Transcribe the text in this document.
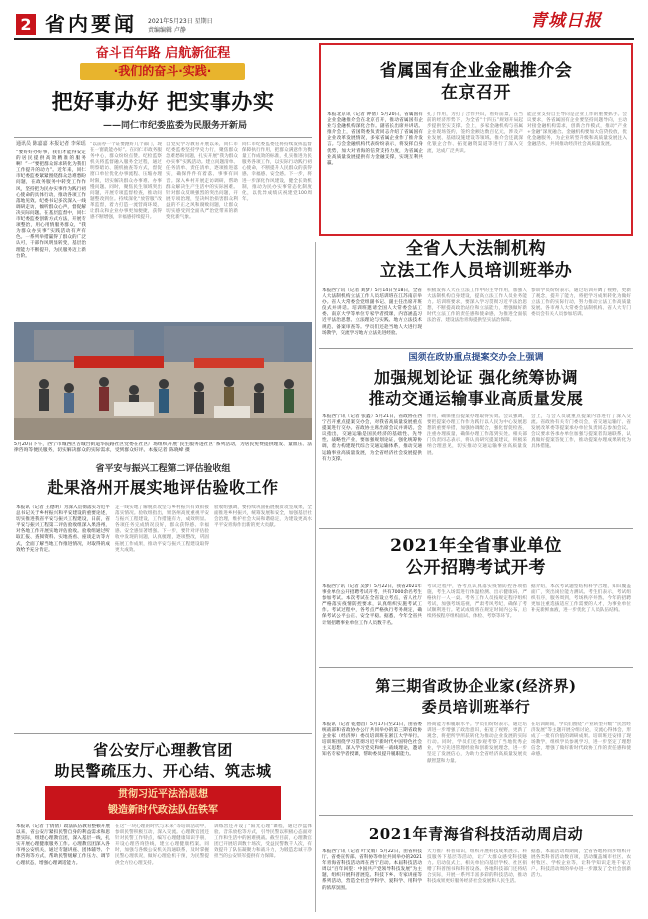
2 省内要闻 2021年5月23日 星期日
责编编辑 卢静	青城日报
奋斗百年路 启航新征程
·我们的奋斗·实践·
把好事办好 把实事办实
——同仁市纪委监委为民服务开新局
通讯员 陈嘉嘉 本报记者 李荣瑶
“要好好办好事，我们才能得安定的居民提供高效精准的服务啊！”一“要把群众诉求转化为我们工作提升的动力”。近年来，同仁市纪委监委紧紧围绕群众急难愁盼问题，在政务服务中转变工作作风，坚持把为民办实事作为践行初心使命的具体行动，推动各项工作落地见效。纪委书记多次深入一线调研走访，倾听群众心声，督促解决实际问题。在基层监督中，同仁市纪委监委创新方式方法，开展专项整治，用心用情服务群众，“我为群众办实事”实践活动有声有色。一系列举措赢得了群众的广泛认可，干部作风明显转变，基层治理能力不断提升，为民服务迈上新台阶。
“以前办一个证要跑好几个部门，现在一窗就能办好”。在同仁市政务服务中心，群众纷纷点赞。纪检监察机关将监督融入服务全过程，通过明察暗访、随机抽查等方式，督促窗口单位优化办事流程、压缩办理时限，切实解决群众办事难、办事慢问题。同时，聚焦民生领域突出问题，开展专项监督检查，推动问题整改到位。持续深化“放管服”改革监督，着力打造一流营商环境，让群众和企业办事更加便捷，获得感不断增强，幸福感持续提升。
自党史学习教育开展以来，同仁市纪委监委坚持学史力行，聚焦群众急难愁盼问题，扎实开展“我为群众办实事”实践活动。建立问题清单、任务清单、责任清单，逐项推进落实，确保件件有着落、事事有回音。深入乡村开展走访调研，帮助群众解决生产生活中的实际困难。针对群众反映强烈的突出问题，开展专项治理，坚决纠治损害群众利益的不正之风和腐败问题，让群众切实感受到全面从严治党带来的新变化新气象。
同仁市纪委监委还将持续发挥监督保障执行作用，把群众满意作为衡量工作成效的标准，扎实推进为民服务各项工作，以实际行动践行初心使命，不断提升人民群众的获得感、幸福感、安全感。下一步，将进一步深化作风建设，健全长效机制，推动为民办实事常态化制度化，以优异成绩庆祝建党100周年。
省属国有企业金融推介会
在京召开
本报北京讯（记者 钟倩）5月20日，省属国有企业金融推介会在北京召开，推动省属国有企业与金融机构深化合作。副省长出席并讲话。推介会上，省国资委负责同志介绍了省属国有企业改革发展情况，多家省属企业作了推介发言。与会金融机构代表纷纷表示，将发挥自身优势，加大对青海的信贷支持力度，为省属企业高质量发展提供有力金融支撑，实现互利共赢。
扎了作用，为打了合作共识，看好前景，在当前的经济形势下，为全省“十四五”规划开局起步提供坚实支撑。会上，多家金融机构与省属企业现场签约，签约金额达数百亿元，涉及产业发展、基础设施建设等领域。推介会还就深化银企合作、拓宽融资渠道等进行了深入交流，达成广泛共识。
能企业支持自主导向是企业工作的重要抓手。会议要求，各省属国有企业要坚持问题导向，主动对接金融机构需求，创新合作模式，推动“产业+金融”深度融合。金融机构要加大信贷投放，优化金融服务，为企业转型升级和高质量发展注入金融活水，共同推动经济社会高质量发展。
全省人大法制机构
立法工作人员培训班举办
本报西宁讯（记者 刘梦）5月14日至18日，全省人大法制机构立法工作人员培训班在江苏南京举办。省人大常委会党组副书记、副主任出席开班仪式并讲话。培训班邀请全国人大常委会法工委、南京大学等单位专家学者授课，内容涵盖习近平法治思想、立法理论与实践、地方立法技术规范、备案审查等。学员们还赴当地人大进行现场教学，交流学习地方立法先进经验。
积极发挥人大在立法工作中的主导作用，加强人大法制机构自身建设，提高立法工作人员业务能力。培训班要求，要深入学习贯彻习近平法治思想，不断提高政治站位和立法能力，增强做好新时代立法工作的责任感和使命感，为推进全面依法治省、建设法治青海提供坚实法治保障。
参训学员纷纷表示，通过培训开阔了视野，更新了观念，提升了能力，将把学习成果转化为做好立法工作的实际行动，努力推动立法工作高质量发展。各市州人大常委会法制机构、省人大专门委员会有关人员参加培训。
5月20日下午，西宁市城西区古城台街道华院路社区党委在社区广场组织开展“民生服务进社区”系列活动，为居民免费提供理发、量血压、法律咨询等便民服务，切实解决群众的实际需求，受到群众好评。本报记者 陈晓峰 摄
国须在政协重点提案交办会上强调
加强规划论证 强化统筹协调
推动交通运输事业高质量发展
本报西宁讯（记者 张鑫）5月21日，省政协在西宁召开重点提案交办会，对我省高质量发展重点提案进行交办。省政协主席出席会议并讲话。会议指出，交通运输是国民经济的基础性、先导性、战略性产业，要加强规划论证，强化统筹协调，着力构建现代综合交通运输体系，推动交通运输事业高质量发展，为全省经济社会发展提供有力支撑。
作用，确保重点提案办理取得实效。会议强调，要把提案办理工作作为践行以人民为中心发展思想的重要举措，加强协调配合，强化督促检查，注重办理质量，确保办理工作落到实处。相关部门负责同志表示，将认真研究提案建议，积极采纳合理意见，切实推动交通运输事业高质量发展。
会上，与会人员就重点提案内容进行了深入交流。省政协有关专门委员会，省交通运输厅、省发展改革委等提案承办单位负责同志参加会议。会议要求各承办单位加强与提案者沟通联系，认真做好提案答复工作，推动提案办理成果转化为具体措施。
省平安与振兴工程第二评估验收组
赴果洛州开展实地评估验收工作
本报讯（记者 王德明）为深入贯彻落实习近平总书记关于乡村振兴和平安建设的重要论述，切实推进我省平安与振兴工程建设，日前，省平安与振兴工程第二评估验收组深入果洛州，对各地工作开展实地评估验收。验收组通过听取汇报、查阅资料、实地查看、座谈走访等方式，全面了解当地工作推进情况，对取得的成效给予充分肯定。
走一线实地了解脱贫攻坚与乡村振兴有效衔接落实情况。验收组指出，果洛州高度重视平安与振兴工程建设，工作措施有力，成效明显。各项任务完成情况良好，群众获得感、幸福感、安全感显著增强。下一步，要针对评估验收中发现的问题，认真梳理，逐项整改，巩固拓展工作成果，推动平安与振兴工程建设取得更大成效。
验收组强调，要持续巩固拓展脱贫攻坚成果，全面推进乡村振兴，统筹发展和安全，加强基层社会治理，维护社会大局和谐稳定，为建设更高水平平安青海作出新的更大贡献。
2021年全省事业单位
公开招聘考试开考
本报西宁讯（记者 吴梦）5月22日，我省2021年事业单位公开招聘考试开考，共有7000余名考生参加考试。本次考试在全省设立考点，省人社厅严格落实疫情防控要求，认真组织实施考试工作。考试过程中，各考点严格执行考务规定，确保考试公平公正、安全平稳。据悉，今年全省共计划招聘事业单位工作人员数千名。
考试过程中，各考点认真落实疫情防控各项措施，考生入场需进行体温检测、出示健康码，严格执行一人一桌。考务工作人员按规定程序组织考试，加强考场巡视，严肃考风考纪，确保了考试顺利进行。笔试成绩将在规定时间内公布，后续将按程序组织面试、体检、考察等环节。
据介绍，本次考试题型结构科学合理，知识覆盖面广，突出岗位能力测试。考生们表示，考试组织有序，服务周到，考场秩序井然。今年的招聘更加注重选拔适应工作需要的人才，为事业单位补充新鲜血液，进一步优化了人员队伍结构。
第三期省政协企业家(经济界)
委员培训班举行
本报讯（记者 乾德昌）5月17日至21日，由省委统战部和省政协办公厅共同举办的第三期省政协企业家（经济界）委员培训班在浙江大学举行。培训班围绕学习贯彻习近平新时代中国特色社会主义思想，深入学习党史和统一战线理论，邀请知名专家学者授课，帮助委员提升履职能力。
协商能力和履职水平。学员们纷纷表示，通过培训进一步增强了政治意识，拓宽了视野，更新了观念，将把所学所获转化为推动企业发展的实际行动。同时，学员们还参观考察了当地优秀企业，学习先进管理经验和创新发展理念，进一步坚定了发展信心，为助力全省经济高质量发展贡献智慧和力量。
在培训期间，学员们围绕“产业转型升级”“民营经济发展”等主题开展分组讨论，交流心得体会，形成了一批有价值的调研成果。培训班还安排了现场教学，组织学员参观学习，进一步坚定了理想信念，增强了做好新时代政协工作的责任感和使命感。
省公安厅心理教官团
助民警疏压力、开心结、筑志城
贯彻习近平法治思想
锻造新时代政法队伍铁军
本报讯（记者 于倩倩）政法队伍教育整顿开展以来，省公安厅紧扣民警自身的利益需求和思想实际，组建心理教官团，深入基层一线，扎实开展心理健康服务工作。心理教官团深入各市州公安机关，通过专题讲座、团体辅导、个体咨询等方式，帮助民警缓解工作压力、调节心理状态，增强心理调适能力。
在这“一块心理的时代与未来”等培训活动中，参训民警积极互动，深入交流。心理教官团还针对民警工作特点，编写心理健康知识手册，开设心理咨询热线，建立心理健康档案。同时，加强与各级公安机关沟通联系，及时掌握民警心理状况，做好心理危机干预，为民警提供全方位心理支持。
训练营还开设了“阳光心理”课程，通过沙盘体验、音乐放松等方式，引导民警以积极心态面对工作和生活中的困难挑战。截至目前，心理教官团已开展培训数十场次，受益民警数千人次，有效提升了队伍凝聚力和战斗力，为锻造忠诚干净担当的公安铁军提供有力保障。
2021年青海省科技活动周启动
本报西宁讯（记者 叶文娟）5月22日，由省科技厅、省委宣传部、省科协等单位共同举办的2021年青海省科技活动周在西宁启动。本届科技活动周以“百年回望：中国共产党领导科技发展”为主题，组织开展科普展览、科技下乡、专家讲座等系列活动，营造全社会学科学、爱科学、用科学的浓厚氛围。
大力推广科普知识，组织开展科技成果展示、科技服务下基层等活动，让广大群众感受科技魅力。启动仪式上，相关单位向基层学校、社区捐赠了科普图书和科普设备。各地科技部门还将结合实际，开展一系列丰富多彩的科技活动，推动科技成果更好服务经济社会发展和人民生活。
据悉，本届活动周期间，全省各地将同步组织开展各类科普活动数百项，活动覆盖城市社区、农村牧区、学校企业等，让科学知识走进千家万户。科技活动周的举办进一步激发了全社会创新活力。
